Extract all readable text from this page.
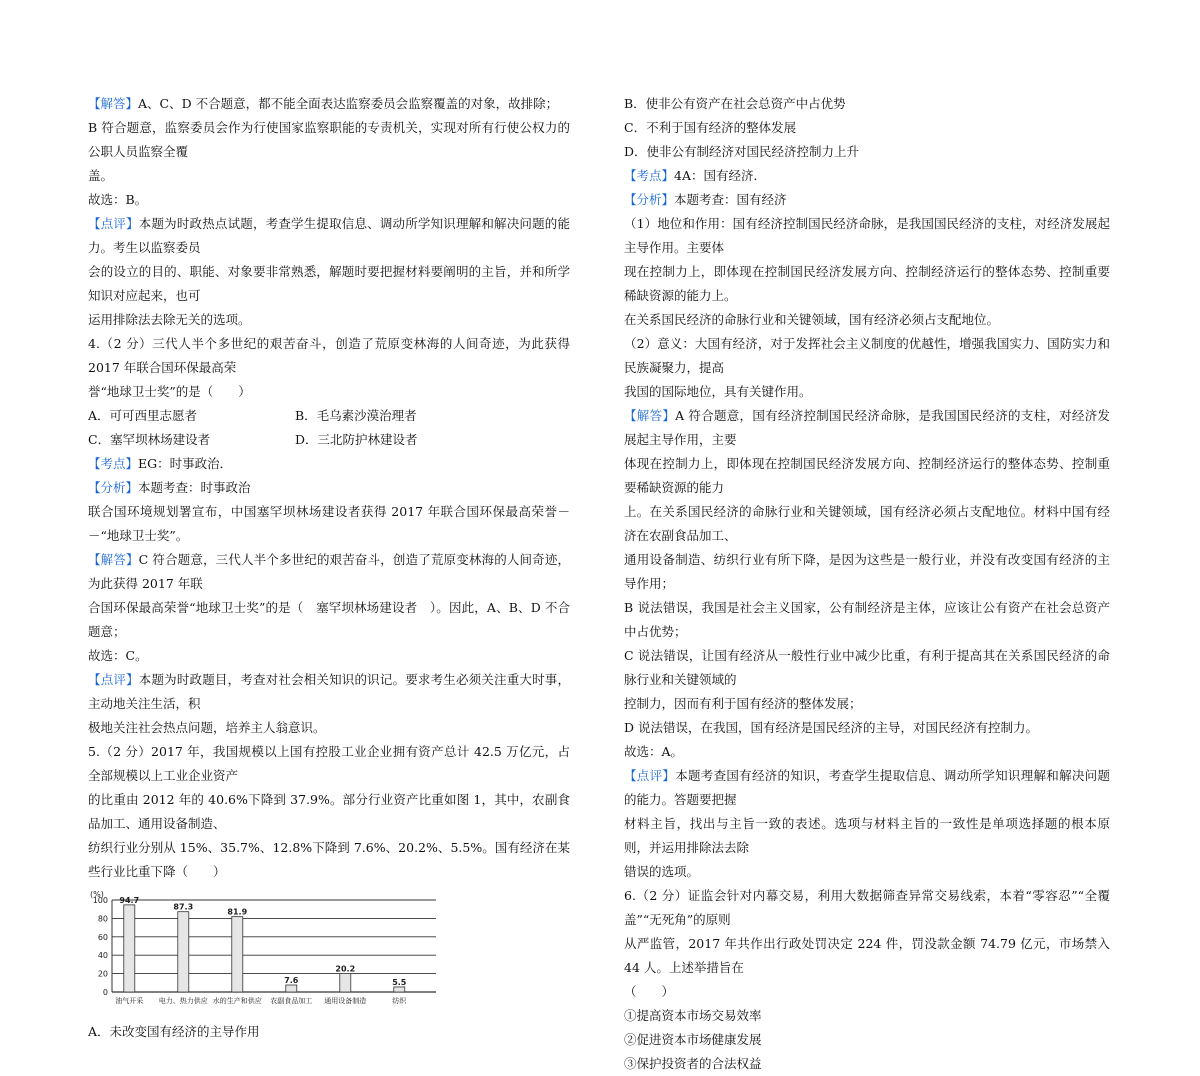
【解答】A、C、D 不合题意，都不能全面表达监察委员会监察覆盖的对象，故排除；

B 符合题意，监察委员会作为行使国家监察职能的专责机关，实现对所有行使公权力的公职人员监察全覆

盖。

故选：B。

【点评】本题为时政热点试题，考查学生提取信息、调动所学知识理解和解决问题的能力。考生以监察委员

会的设立的目的、职能、对象要非常熟悉，解题时要把握材料要阐明的主旨，并和所学知识对应起来，也可

运用排除法去除无关的选项。

4.（2 分）三代人半个多世纪的艰苦奋斗，创造了荒原变林海的人间奇迹，为此获得 2017 年联合国环保最高荣

誉“地球卫士奖”的是（　　）

A．可可西里志愿者	B．毛乌素沙漠治理者
C．塞罕坝林场建设者	D．三北防护林建设者

【考点】EG：时事政治．

【分析】本题考查：时事政治

联合国环境规划署宣布，中国塞罕坝林场建设者获得 2017 年联合国环保最高荣誉－－“地球卫士奖”。

【解答】C 符合题意，三代人半个多世纪的艰苦奋斗，创造了荒原变林海的人间奇迹，为此获得 2017 年联

合国环保最高荣誉“地球卫士奖”的是（　塞罕坝林场建设者　）。因此，A、B、D 不合题意；

故选：C。

【点评】本题为时政题目，考查对社会相关知识的识记。要求考生必须关注重大时事，主动地关注生活，积

极地关注社会热点问题，培养主人翁意识。

5.（2 分）2017 年，我国规模以上国有控股工业企业拥有资产总计 42.5 万亿元，占全部规模以上工业企业资产

的比重由 2012 年的 40.6%下降到 37.9%。部分行业资产比重如图 1，其中，农副食品加工、通用设备制造、

纺织行业分别从 15%、35.7%、12.8%下降到 7.6%、20.2%、5.5%。国有经济在某些行业比重下降（　　）

(%)
0
20
40
60
80
100 94.7
油气开采
87.3
电力、热力供应
81.9
水的生产和供应
7.6
农副食品加工
20.2
通用设备制造
5.5
纺织

A．未改变国有经济的主导作用

B．使非公有资产在社会总资产中占优势

C．不利于国有经济的整体发展

D．使非公有制经济对国民经济控制力上升

【考点】4A：国有经济．

【分析】本题考查：国有经济

（1）地位和作用：国有经济控制国民经济命脉，是我国国民经济的支柱，对经济发展起主导作用。主要体

现在控制力上，即体现在控制国民经济发展方向、控制经济运行的整体态势、控制重要稀缺资源的能力上。

在关系国民经济的命脉行业和关键领域，国有经济必须占支配地位。

（2）意义：大国有经济，对于发挥社会主义制度的优越性，增强我国实力、国防实力和民族凝聚力，提高

我国的国际地位，具有关键作用。

【解答】A 符合题意，国有经济控制国民经济命脉，是我国国民经济的支柱，对经济发展起主导作用，主要

体现在控制力上，即体现在控制国民经济发展方向、控制经济运行的整体态势、控制重要稀缺资源的能力

上。在关系国民经济的命脉行业和关键领域，国有经济必须占支配地位。材料中国有经济在农副食品加工、

通用设备制造、纺织行业有所下降，是因为这些是一般行业，并没有改变国有经济的主导作用；

B 说法错误，我国是社会主义国家，公有制经济是主体，应该让公有资产在社会总资产中占优势；

C 说法错误，让国有经济从一般性行业中减少比重，有利于提高其在关系国民经济的命脉行业和关键领域的

控制力，因而有利于国有经济的整体发展；

D 说法错误，在我国，国有经济是国民经济的主导，对国民经济有控制力。

故选：A。

【点评】本题考查国有经济的知识，考查学生提取信息、调动所学知识理解和解决问题的能力。答题要把握

材料主旨，找出与主旨一致的表述。选项与材料主旨的一致性是单项选择题的根本原则，并运用排除法去除

错误的选项。

6.（2 分）证监会针对内幕交易，利用大数据筛查异常交易线索，本着“零容忍”“全覆盖”“无死角”的原则

从严监管，2017 年共作出行政处罚决定 224 件，罚没款金额 74.79 亿元，市场禁入 44 人。上述举措旨在

（　　）

①提高资本市场交易效率

②促进资本市场健康发展

③保护投资者的合法权益
